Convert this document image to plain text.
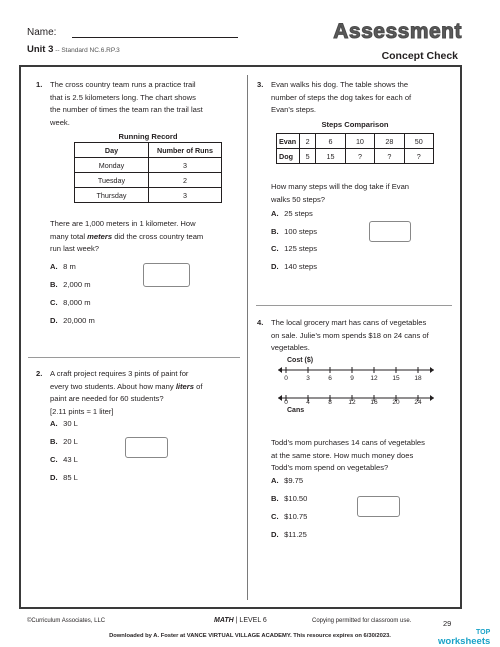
Name:
Unit 3 -- Standard NC.6.RP.3
Assessment
Concept Check
1. The cross country team runs a practice trail
that is 2.5 kilometers long. The chart shows
the number of times the team ran the trail last
week.
Running Record
Day	Number of Runs
Monday	3
Tuesday	2
Thursday	3
There are 1,000 meters in 1 kilometer. How
many total meters did the cross country team
run last week?
A. 8 m
B. 2,000 m
C. 8,000 m
D. 20,000 m
2. A craft project requires 3 pints of paint for
every two students. About how many liters of
paint are needed for 60 students?
[2.11 pints ≈ 1 liter]
A. 30 L
B. 20 L
C. 43 L
D. 85 L
3. Evan walks his dog. The table shows the
number of steps the dog takes for each of
Evan’s steps.
Steps Comparison
Evan	2	6	10	28	50
Dog	5	15	?	?	?
How many steps will the dog take if Evan
walks 50 steps?
A. 25 steps
B. 100 steps
C. 125 steps
D. 140 steps
4. The local grocery mart has cans of vegetables
on sale. Julie’s mom spends $18 on 24 cans of
vegetables.
Cost ($)
0	3	6	9	12 15 18
0	4	8	12 16 20 24
Cans
Todd’s mom purchases 14 cans of vegetables
at the same store. How much money does
Todd’s mom spend on vegetables?
A. $9.75
B. $10.50
C. $10.75
D. $11.25
©Curriculum Associates, LLC	MATH | LEVEL 6	Copying permitted for classroom use.	29
Downloaded by A. Foster at VANCE VIRTUAL VILLAGE ACADEMY. This resource expires on 6/30/2023.	TOP
worksheets
